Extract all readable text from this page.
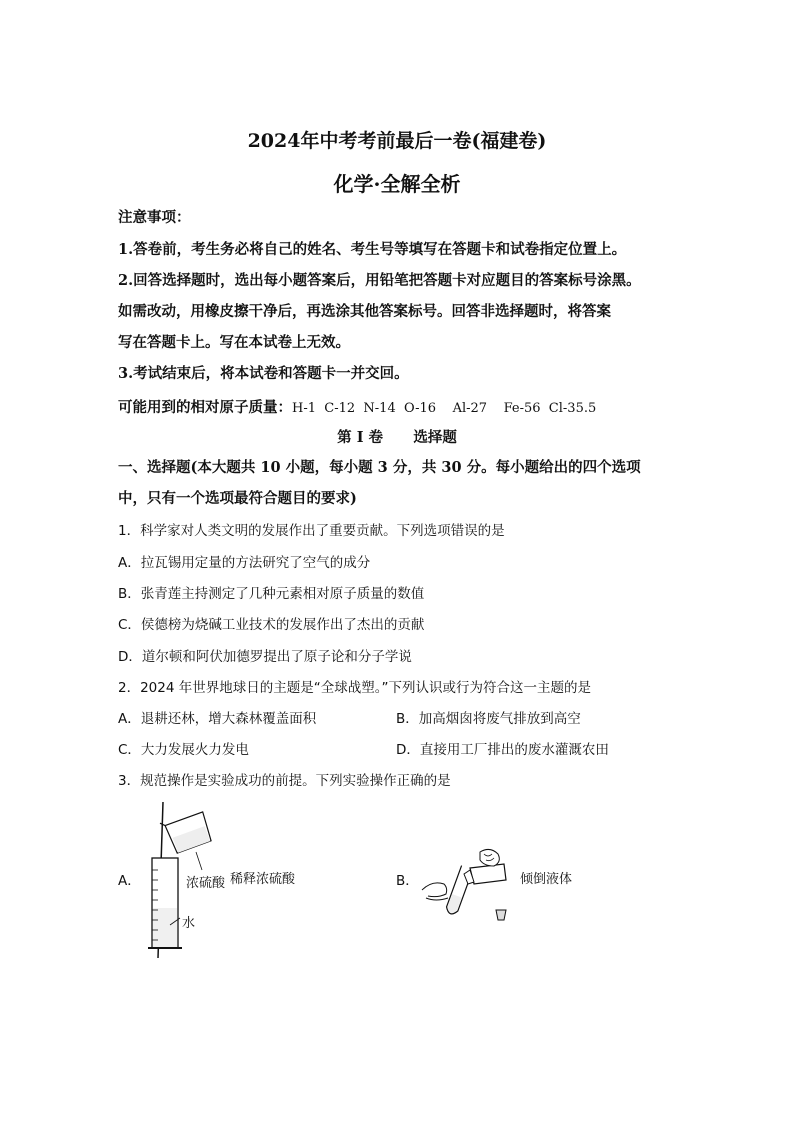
2024年中考考前最后一卷(福建卷)
化学·全解全析
注意事项：
1.答卷前，考生务必将自己的姓名、考生号等填写在答题卡和试卷指定位置上。
2.回答选择题时，选出每小题答案后，用铅笔把答题卡对应题目的答案标号涂黑。
如需改动，用橡皮擦干净后，再选涂其他答案标号。回答非选择题时，将答案
写在答题卡上。写在本试卷上无效。
3.考试结束后，将本试卷和答题卡一并交回。
可能用到的相对原子质量：H-1  C-12  N-14  O-16    Al-27    Fe-56  Cl-35.5
第 I 卷      选择题
一、选择题(本大题共 10 小题，每小题 3 分，共 30 分。每小题给出的四个选项
中，只有一个选项最符合题目的要求)
1．科学家对人类文明的发展作出了重要贡献。下列选项错误的是
A．拉瓦锡用定量的方法研究了空气的成分
B．张青莲主持测定了几种元素相对原子质量的数值
C．侯德榜为烧碱工业技术的发展作出了杰出的贡献
D．道尔顿和阿伏加德罗提出了原子论和分子学说
2．2024 年世界地球日的主题是“全球战塑。”下列认识或行为符合这一主题的是
A．退耕还林，增大森林覆盖面积	B．加高烟囱将废气排放到高空
C．大力发展火力发电	D．直接用工厂排出的废水灌溉农田
3．规范操作是实验成功的前提。下列实验操作正确的是
A．	浓硫酸 稀释浓硫酸
水
B．	倾倒液体
